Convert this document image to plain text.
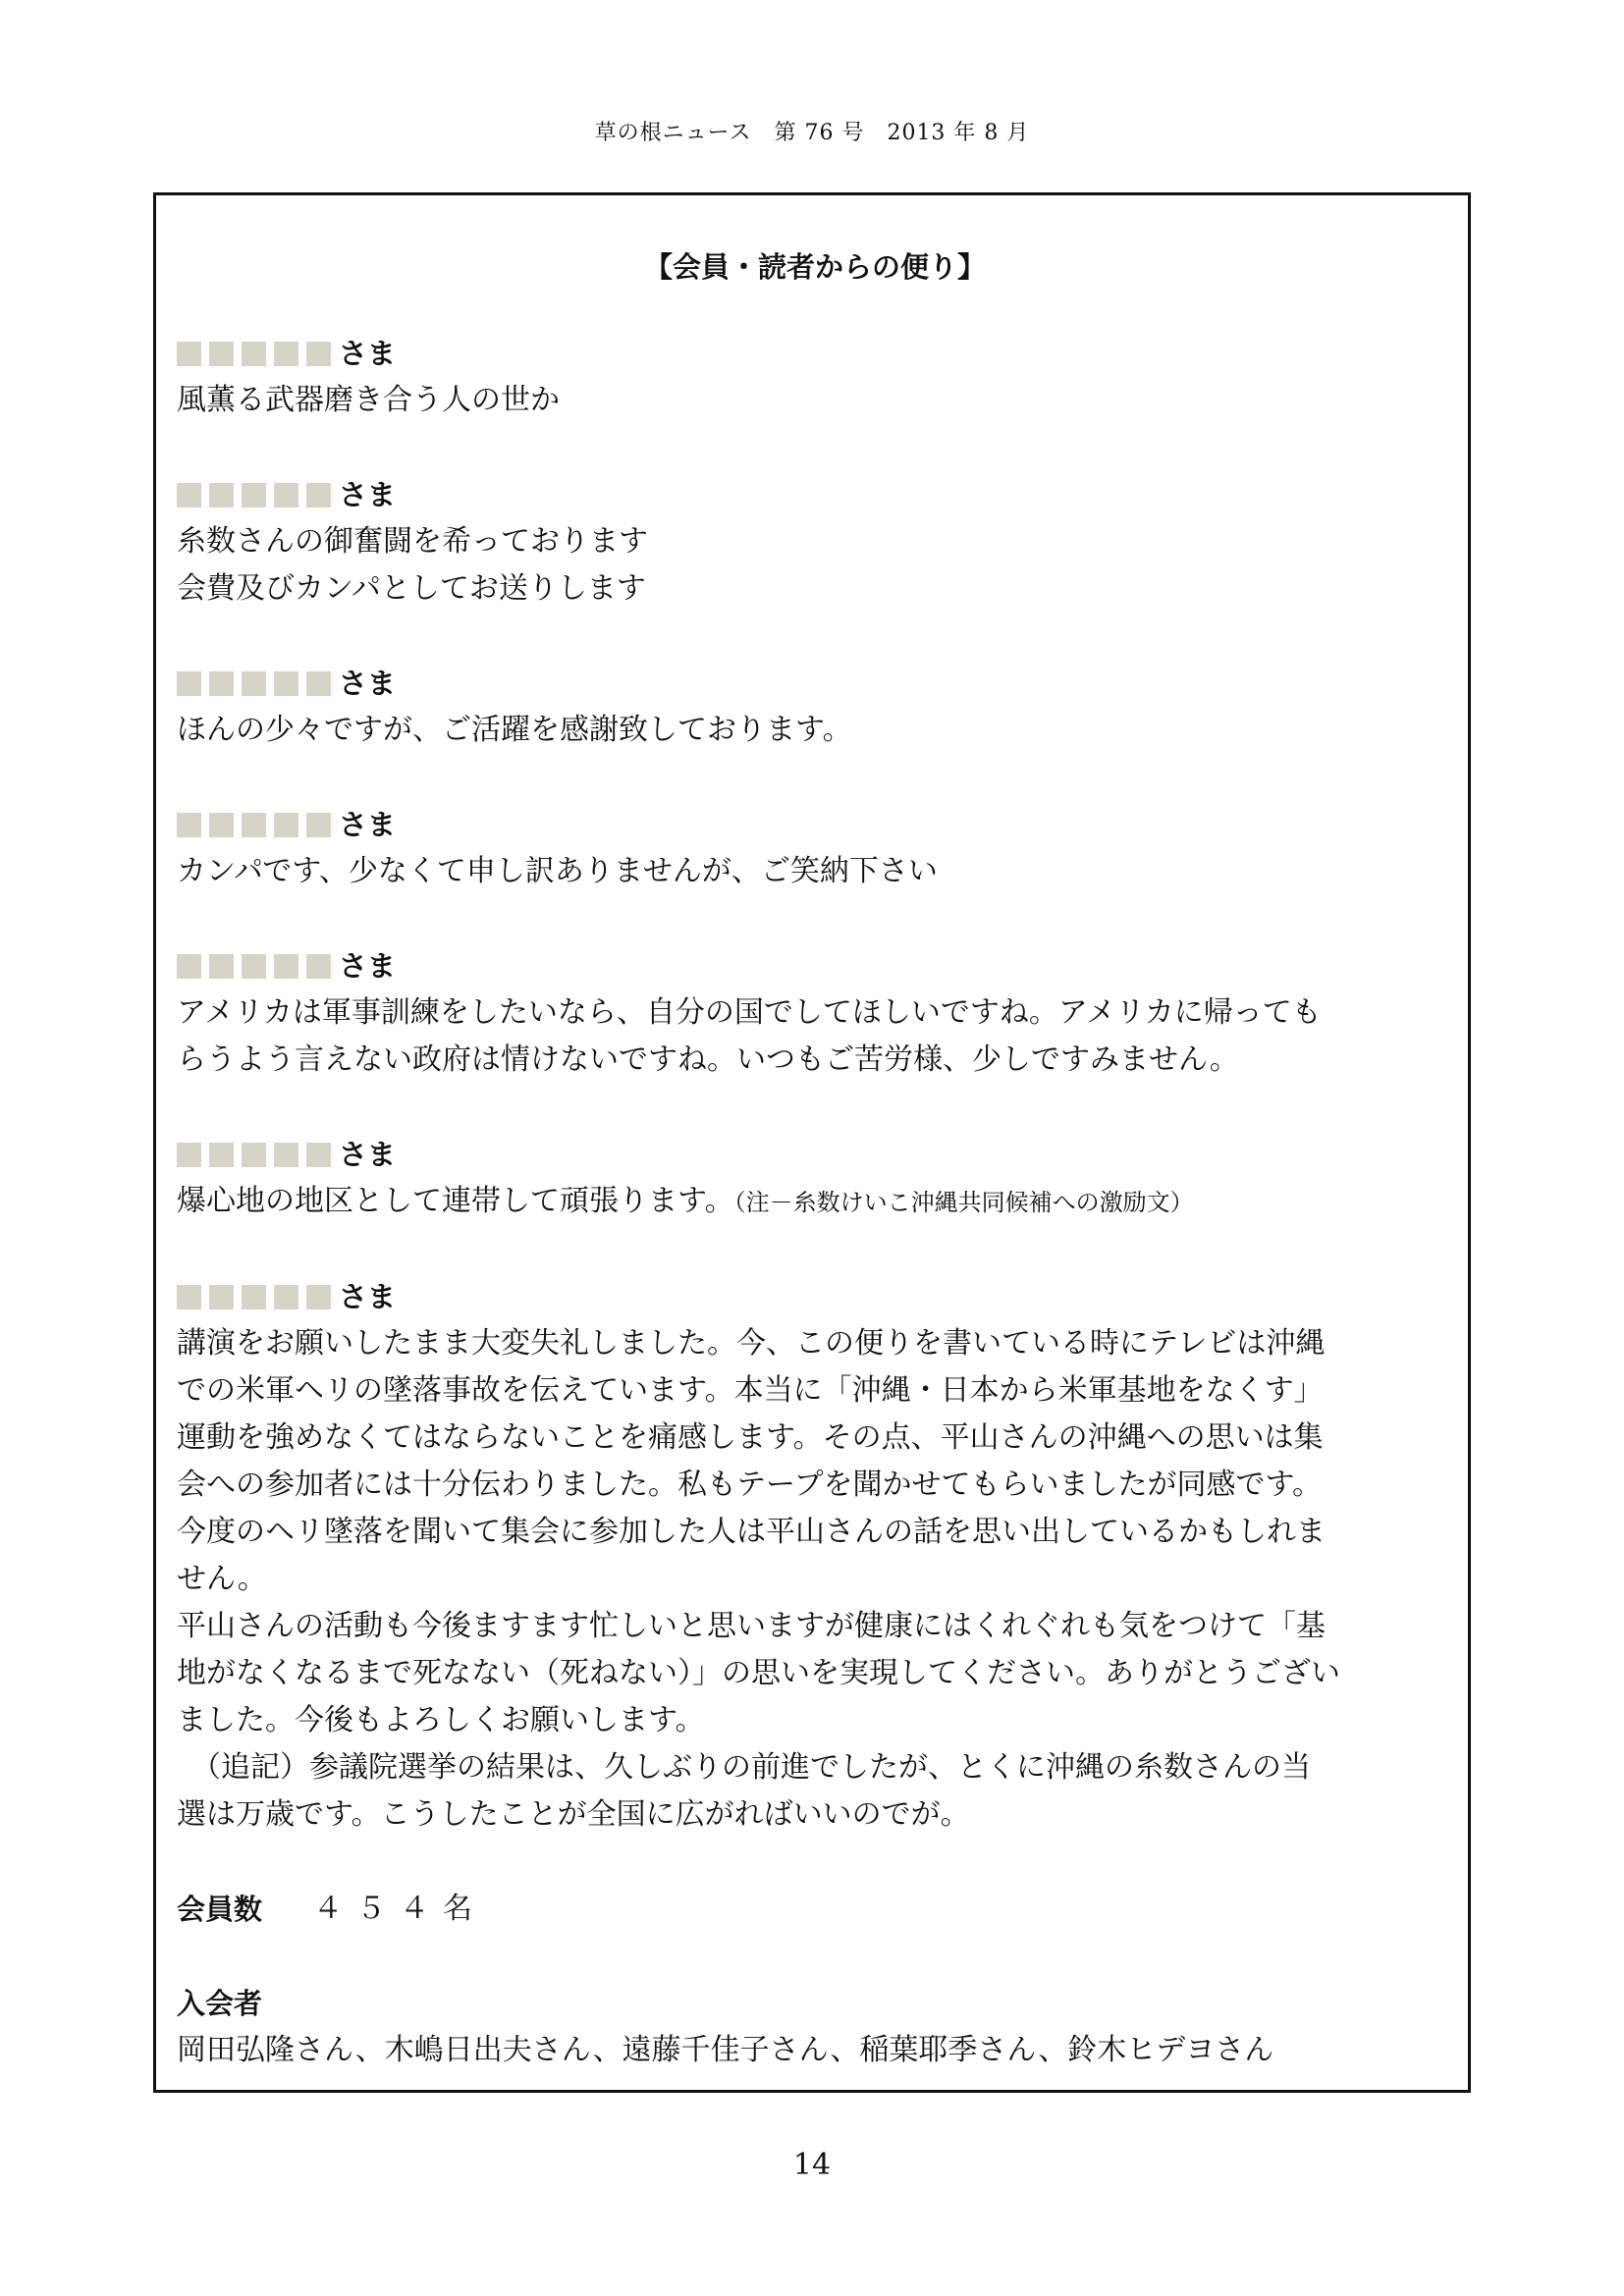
草の根ニュース　第 76 号　2013 年 8 月
【会員・読者からの便り】
さま
風薫る武器磨き合う人の世か
さま
糸数さんの御奮闘を希っております
会費及びカンパとしてお送りします
さま
ほんの少々ですが、ご活躍を感謝致しております。
さま
カンパです、少なくて申し訳ありませんが、ご笑納下さい
さま
アメリカは軍事訓練をしたいなら、自分の国でしてほしいですね。アメリカに帰っても
らうよう言えない政府は情けないですね。いつもご苦労様、少しですみません。
さま
爆心地の地区として連帯して頑張ります。（注－糸数けいこ沖縄共同候補への激励文）
さま
講演をお願いしたまま大変失礼しました。今、この便りを書いている時にテレビは沖縄
での米軍ヘリの墜落事故を伝えています。本当に「沖縄・日本から米軍基地をなくす」
運動を強めなくてはならないことを痛感します。その点、平山さんの沖縄への思いは集
会への参加者には十分伝わりました。私もテープを聞かせてもらいましたが同感です。
今度のヘリ墜落を聞いて集会に参加した人は平山さんの話を思い出しているかもしれま
せん。
平山さんの活動も今後ますます忙しいと思いますが健康にはくれぐれも気をつけて「基
地がなくなるまで死なない（死ねない）」の思いを実現してください。ありがとうござい
ました。今後もよろしくお願いします。
　（追記）参議院選挙の結果は、久しぶりの前進でしたが、とくに沖縄の糸数さんの当
選は万歳です。こうしたことが全国に広がればいいのでが。
会員数 ４５４名
入会者
岡田弘隆さん、木嶋日出夫さん、遠藤千佳子さん、稲葉耶季さん、鈴木ヒデヨさん
14
